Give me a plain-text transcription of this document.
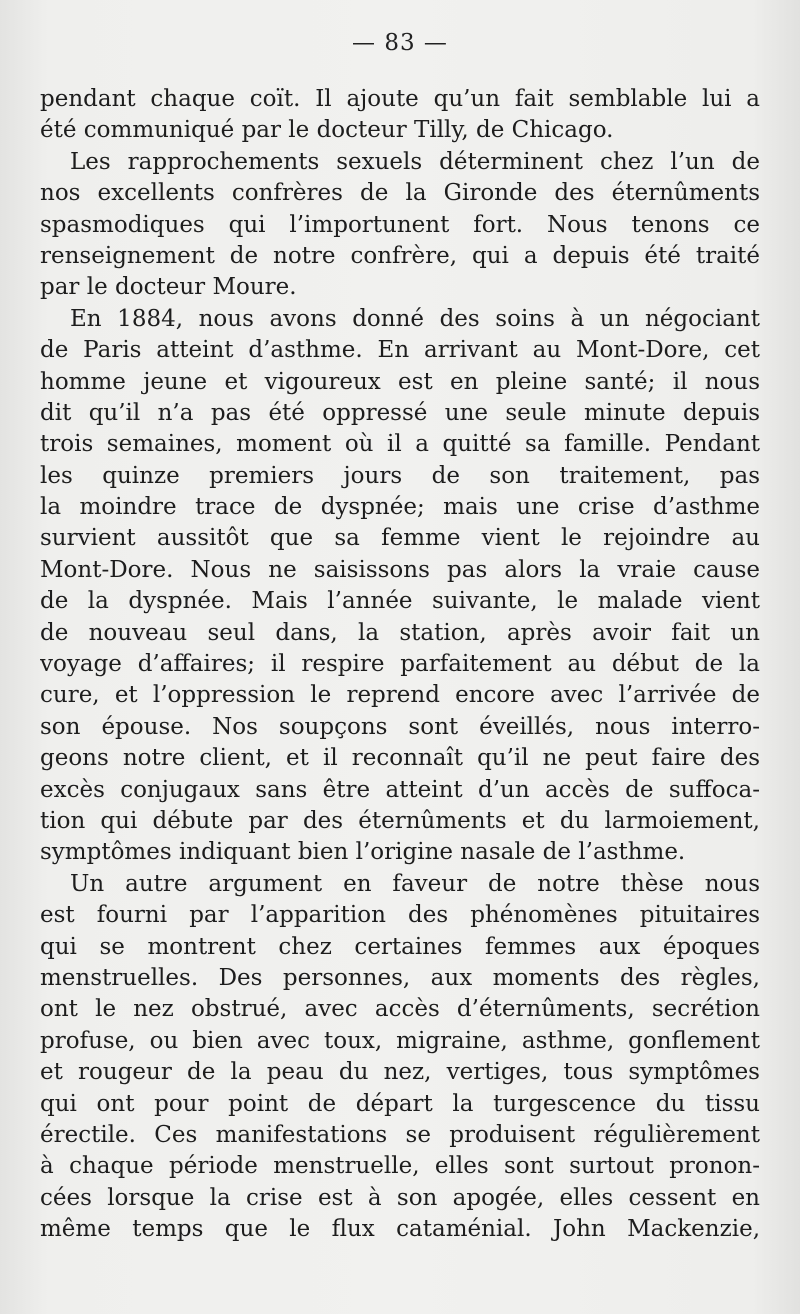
— 83 —
pendant chaque coït. Il ajoute qu’un fait semblable lui a
été communiqué par le docteur Tilly, de Chicago.
Les rapprochements sexuels déterminent chez l’un de
nos excellents confrères de la Gironde des éternûments
spasmodiques qui l’importunent fort. Nous tenons ce
renseignement de notre confrère, qui a depuis été traité
par le docteur Moure.
En 1884, nous avons donné des soins à un négociant
de Paris atteint d’asthme. En arrivant au Mont-Dore, cet
homme jeune et vigoureux est en pleine santé; il nous
dit qu’il n’a pas été oppressé une seule minute depuis
trois semaines, moment où il a quitté sa famille. Pendant
les quinze premiers jours de son traitement, pas
la moindre trace de dyspnée; mais une crise d’asthme
survient aussitôt que sa femme vient le rejoindre au
Mont-Dore. Nous ne saisissons pas alors la vraie cause
de la dyspnée. Mais l’année suivante, le malade vient
de nouveau seul dans, la station, après avoir fait un
voyage d’affaires; il respire parfaitement au début de la
cure, et l’oppression le reprend encore avec l’arrivée de
son épouse. Nos soupçons sont éveillés, nous interro-
geons notre client, et il reconnaît qu’il ne peut faire des
excès conjugaux sans être atteint d’un accès de suffoca-
tion qui débute par des éternûments et du larmoiement,
symptômes indiquant bien l’origine nasale de l’asthme.
Un autre argument en faveur de notre thèse nous
est fourni par l’apparition des phénomènes pituitaires
qui se montrent chez certaines femmes aux époques
menstruelles. Des personnes, aux moments des règles,
ont le nez obstrué, avec accès d’éternûments, secrétion
profuse, ou bien avec toux, migraine, asthme, gonflement
et rougeur de la peau du nez, vertiges, tous symptômes
qui ont pour point de départ la turgescence du tissu
érectile. Ces manifestations se produisent régulièrement
à chaque période menstruelle, elles sont surtout pronon-
cées lorsque la crise est à son apogée, elles cessent en
même temps que le flux cataménial. John Mackenzie,
